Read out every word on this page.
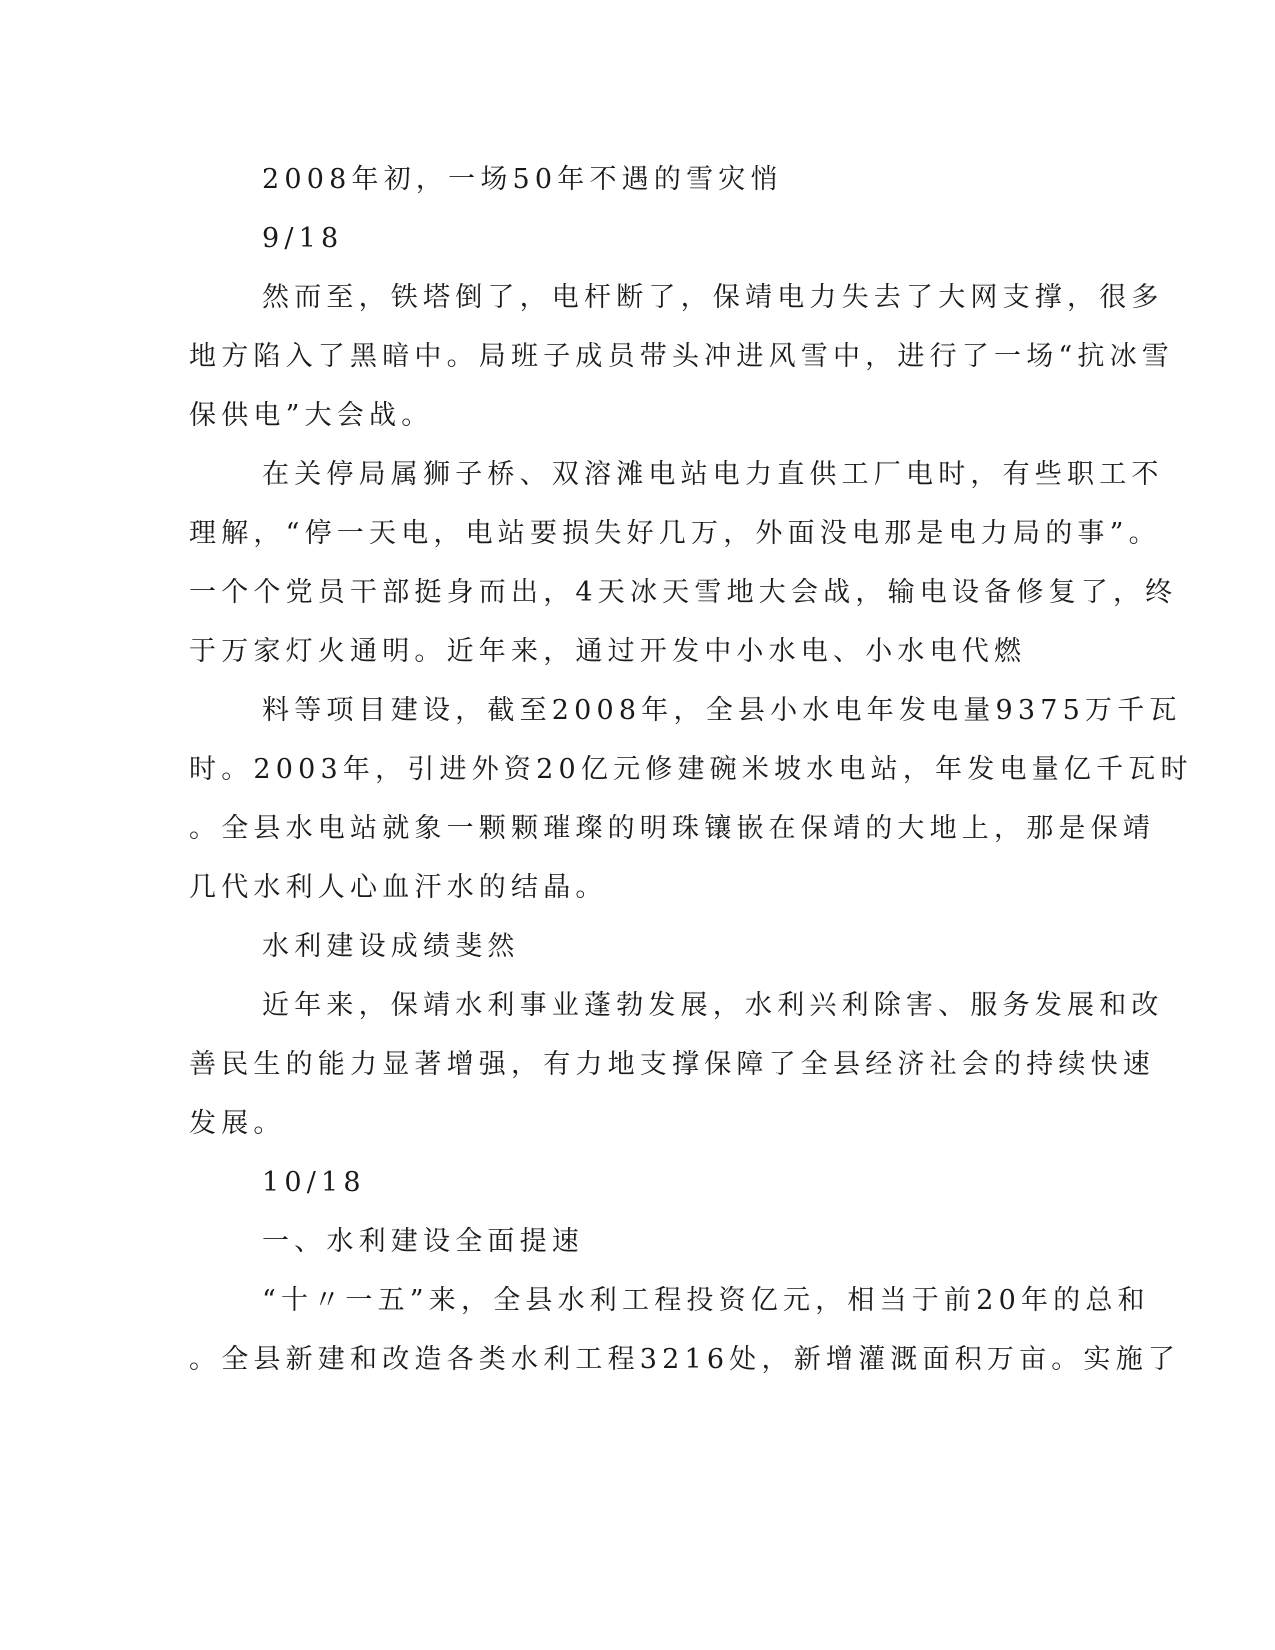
2008年初，一场50年不遇的雪灾悄
9/18
然而至，铁塔倒了，电杆断了，保靖电力失去了大网支撑，很多
地方陷入了黑暗中。局班子成员带头冲进风雪中，进行了一场“抗冰雪
保供电”大会战。
在关停局属狮子桥、双溶滩电站电力直供工厂电时，有些职工不
理解，“停一天电，电站要损失好几万，外面没电那是电力局的事”。
一个个党员干部挺身而出，4天冰天雪地大会战，输电设备修复了，终
于万家灯火通明。近年来，通过开发中小水电、小水电代燃
料等项目建设，截至2008年，全县小水电年发电量9375万千瓦
时。2003年，引进外资20亿元修建碗米坡水电站，年发电量亿千瓦时
。全县水电站就象一颗颗璀璨的明珠镶嵌在保靖的大地上，那是保靖
几代水利人心血汗水的结晶。
水利建设成绩斐然
近年来，保靖水利事业蓬勃发展，水利兴利除害、服务发展和改
善民生的能力显著增强，有力地支撑保障了全县经济社会的持续快速
发展。
10/18
一、水利建设全面提速
“十〃一五”来，全县水利工程投资亿元，相当于前20年的总和
。全县新建和改造各类水利工程3216处，新增灌溉面积万亩。实施了
